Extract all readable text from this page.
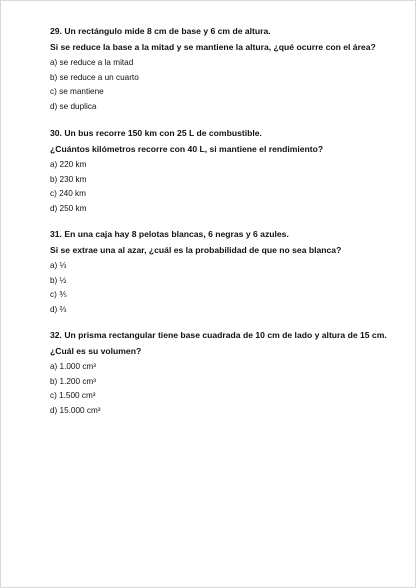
29. Un rectángulo mide 8 cm de base y 6 cm de altura.
Si se reduce la base a la mitad y se mantiene la altura, ¿qué ocurre con el área?
a) se reduce a la mitad
b) se reduce a un cuarto
c) se mantiene
d) se duplica
30. Un bus recorre 150 km con 25 L de combustible.
¿Cuántos kilómetros recorre con 40 L, si mantiene el rendimiento?
a) 220 km
b) 230 km
c) 240 km
d) 250 km
31. En una caja hay 8 pelotas blancas, 6 negras y 6 azules.
Si se extrae una al azar, ¿cuál es la probabilidad de que no sea blanca?
a) ⅓
b) ½
c) ⅗
d) ⅔
32. Un prisma rectangular tiene base cuadrada de 10 cm de lado y altura de 15 cm.
¿Cuál es su volumen?
a) 1.000 cm³
b) 1.200 cm³
c) 1.500 cm³
d) 15.000 cm³
